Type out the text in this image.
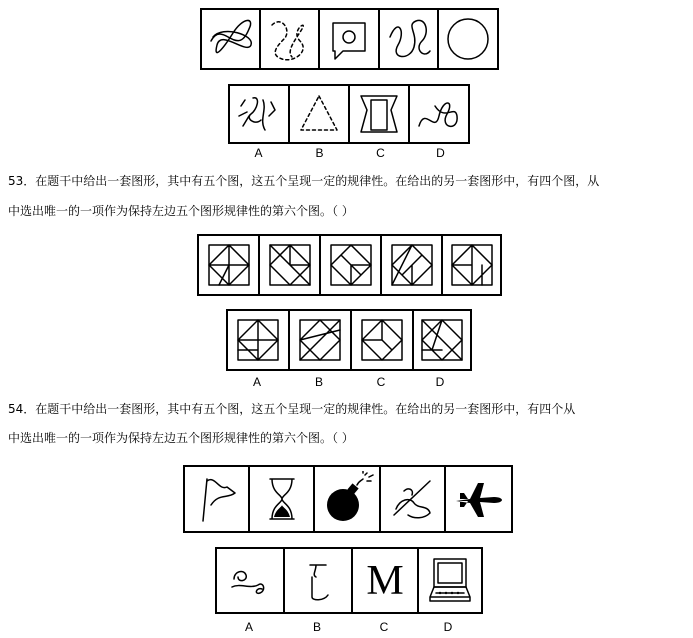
A	B	C	D
53．在题干中给出一套图形，其中有五个图，这五个呈现一定的规律性。在给出的另一套图形中，有四个图，从
中选出唯一的一项作为保持左边五个图形规律性的第六个图。（ ）
A	B	C	D
54．在题干中给出一套图形，其中有五个图，这五个呈现一定的规律性。在给出的另一套图形中，有四个从
中选出唯一的一项作为保持左边五个图形规律性的第六个图。（ ）
M
A	B	C	D
